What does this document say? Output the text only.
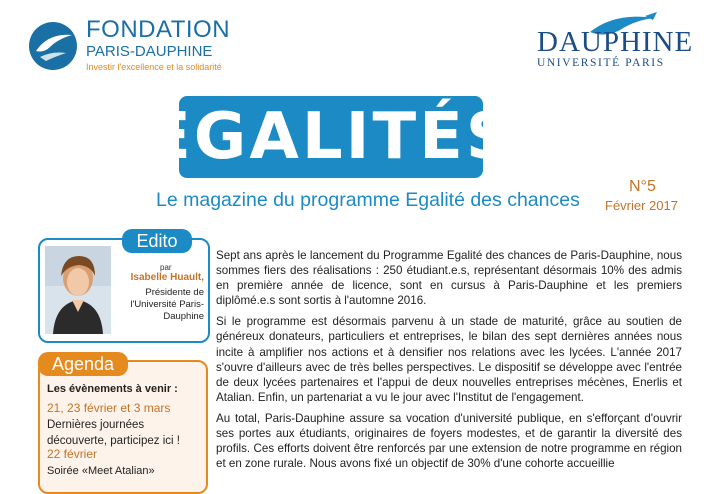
FONDATION
PARIS-DAUPHINE
Investir l'excellence et la solidarité
DAUPHINE
UNIVERSITÉ PARIS
EGALITÉS
Le magazine du programme Egalité des chances
N°5
Février 2017
Edito
par
Isabelle Huault,
Présidente de l'Université Paris-Dauphine
Agenda
Les évènements à venir :
21, 23 février et 3 mars
Dernières journées découverte, participez ici !
22 février
Soirée «Meet Atalian»

Sept ans après le lancement du Programme Egalité des chances de Paris-Dauphine, nous sommes fiers des réalisations : 250 étudiant.e.s, représentant désormais 10% des admis en première année de licence, sont en cursus à Paris-Dauphine et les premiers diplômé.e.s sont sortis à l'automne 2016.

Si le programme est désormais parvenu à un stade de maturité, grâce au soutien de généreux donateurs, particuliers et entreprises, le bilan des sept dernières années nous incite à amplifier nos actions et à densifier nos relations avec les lycées. L'année 2017 s'ouvre d'ailleurs avec de très belles perspectives. Le dispositif se développe avec l'entrée de deux lycées partenaires et l'appui de deux nouvelles entreprises mécènes, Enerlis et Atalian. Enfin, un partenariat a vu le jour avec l'Institut de l'engagement.

Au total, Paris-Dauphine assure sa vocation d'université publique, en s'efforçant d'ouvrir ses portes aux étudiants, originaires de foyers modestes, et de garantir la diversité des profils. Ces efforts doivent être renforcés par une extension de notre programme en région et en zone rurale. Nous avons fixé un objectif de 30% d'une cohorte accueillie
